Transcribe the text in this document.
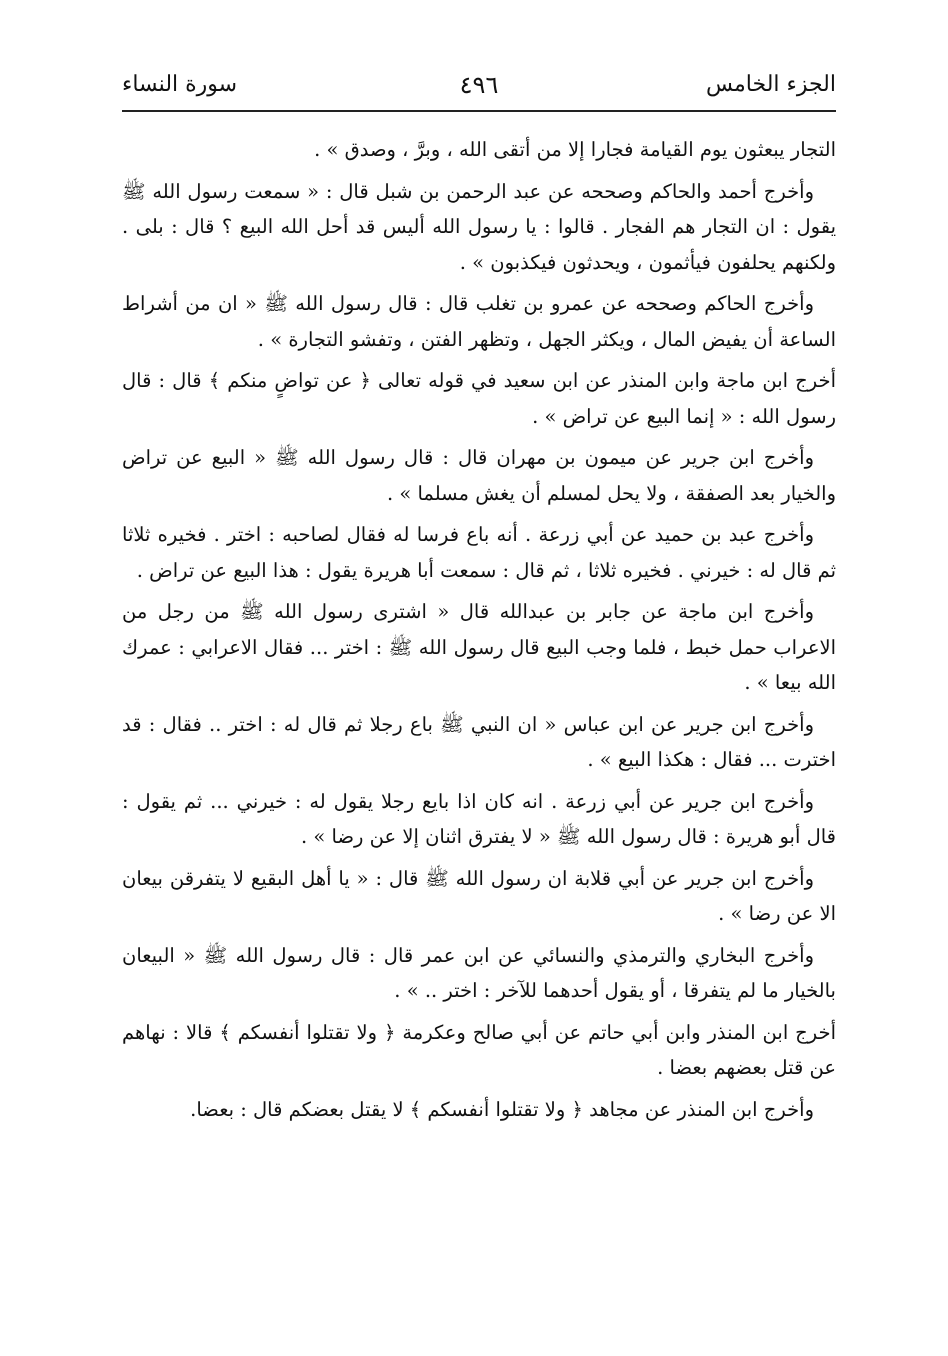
الجزء الخامس
٤٩٦
سورة النساء

التجار يبعثون يوم القيامة فجارا إلا من أتقى الله ، وبرَّ ، وصدق » .

وأخرج أحمد والحاكم وصححه عن عبد الرحمن بن شبل قال : « سمعت رسول الله ﷺ يقول : ان التجار هم الفجار . قالوا : يا رسول الله أليس قد أحل الله البيع ؟ قال : بلى . ولكنهم يحلفون فيأثمون ، ويحدثون فيكذبون » .

وأخرج الحاكم وصححه عن عمرو بن تغلب قال : قال رسول الله ﷺ « ان من أشراط الساعة أن يفيض المال ، ويكثر الجهل ، وتظهر الفتن ، وتفشو التجارة » .

أخرج ابن ماجة وابن المنذر عن ابن سعيد في قوله تعالى ﴿ عن تواضٍ منكم ﴾ قال : قال رسول الله : « إنما البيع عن تراض » .

وأخرج ابن جرير عن ميمون بن مهران قال : قال رسول الله ﷺ « البيع عن تراض والخيار بعد الصفقة ، ولا يحل لمسلم أن يغش مسلما » .

وأخرج عبد بن حميد عن أبي زرعة . أنه باع فرسا له فقال لصاحبه : اختر . فخيره ثلاثا ثم قال له : خيرني . فخيره ثلاثا ، ثم قال : سمعت أبا هريرة يقول : هذا البيع عن تراض .

وأخرج ابن ماجة عن جابر بن عبدالله قال « اشترى رسول الله ﷺ من رجل من الاعراب حمل خبط ، فلما وجب البيع قال رسول الله ﷺ : اختر ... فقال الاعرابي : عمرك الله بيعا » .

وأخرج ابن جرير عن ابن عباس « ان النبي ﷺ باع رجلا ثم قال له : اختر .. فقال : قد اخترت ... فقال : هكذا البيع » .

وأخرج ابن جرير عن أبي زرعة . انه كان اذا بايع رجلا يقول له : خيرني ... ثم يقول : قال أبو هريرة : قال رسول الله ﷺ « لا يفترق اثنان إلا عن رضا » .

وأخرج ابن جرير عن أبي قلابة ان رسول الله ﷺ قال : « يا أهل البقيع لا يتفرقن بيعان الا عن رضا » .

وأخرج البخاري والترمذي والنسائي عن ابن عمر قال : قال رسول الله ﷺ « البيعان بالخيار ما لم يتفرقا ، أو يقول أحدهما للآخر : اختر .. » .

أخرج ابن المنذر وابن أبي حاتم عن أبي صالح وعكرمة ﴿ ولا تقتلوا أنفسكم ﴾ قالا : نهاهم عن قتل بعضهم بعضا .

وأخرج ابن المنذر عن مجاهد ﴿ ولا تقتلوا أنفسكم ﴾ لا يقتل بعضكم قال : بعضا.
